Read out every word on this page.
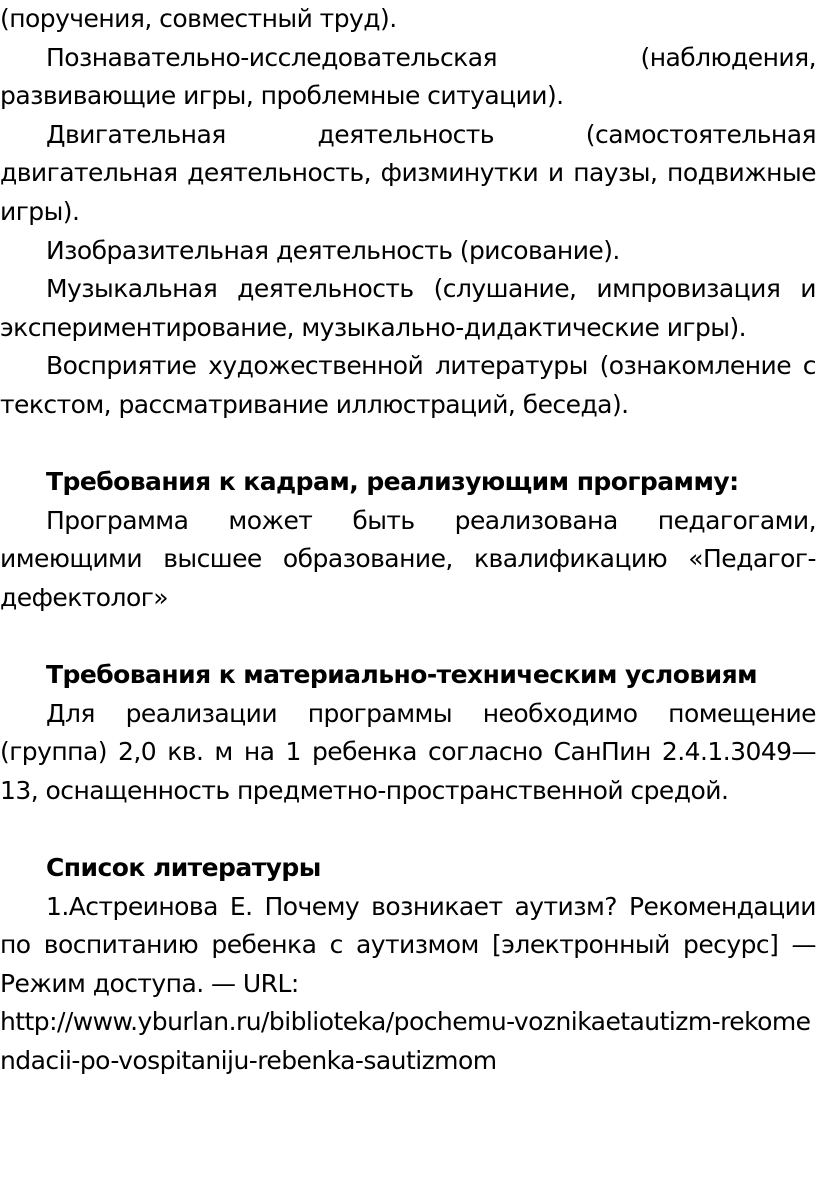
(поручения, совместный труд).

Познавательно-исследовательская (наблюдения, развивающие игры, проблемные ситуации).

Двигательная деятельность (самостоятельная двигательная деятельность, физминутки и паузы, подвижные игры).

Изобразительная деятельность (рисование).

Музыкальная деятельность (слушание, импровизация и экспериментирование, музыкально-дидактические игры).

Восприятие художественной литературы (ознакомление с текстом, рассматривание иллюстраций, беседа).

Требования к кадрам, реализующим программу:

Программа может быть реализована педагогами, имеющими высшее образование, квалификацию «Педагог-дефектолог»

Требования к материально-техническим условиям

Для реализации программы необходимо помещение (группа) 2,0 кв. м на 1 ребенка согласно СанПин 2.4.1.3049—13, оснащенность предметно-пространственной средой.

Список литературы

1.Астреинова Е. Почему возникает аутизм? Рекомендации по воспитанию ребенка с аутизмом [электронный ресурс] — Режим доступа. — URL:

http://www.yburlan.ru/biblioteka/pochemu-voznikaetautizm-rekomendacii-po-vospitaniju-rebenka-sautizmom
